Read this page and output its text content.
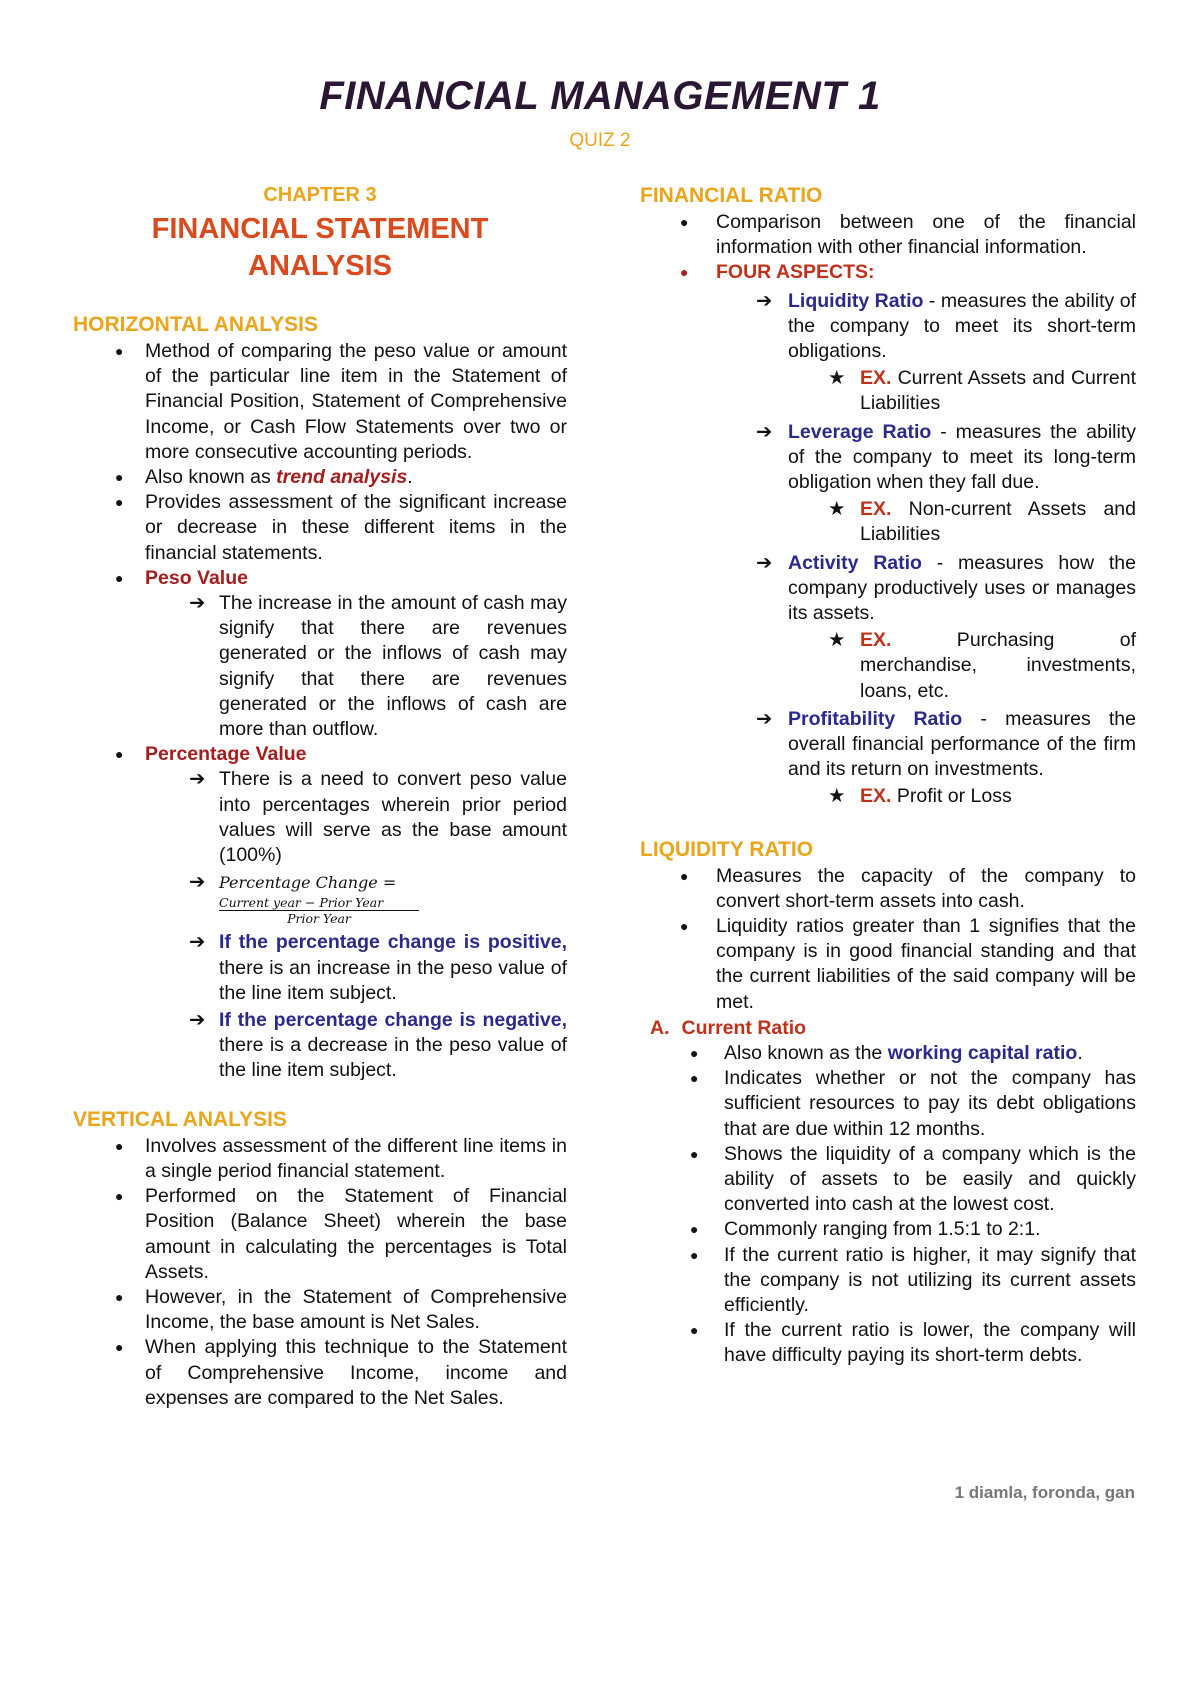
FINANCIAL MANAGEMENT 1
QUIZ 2
CHAPTER 3
FINANCIAL STATEMENT
ANALYSIS
HORIZONTAL ANALYSIS
● Method of comparing the peso value or amount of the particular line item in the Statement of Financial Position, Statement of Comprehensive Income, or Cash Flow Statements over two or more consecutive accounting periods.
● Also known as trend analysis.
● Provides assessment of the significant increase or decrease in these different items in the financial statements.
● Peso Value
➔ The increase in the amount of cash may signify that there are revenues generated or the inflows of cash may signify that there are revenues generated or the inflows of cash are more than outflow.
● Percentage Value
➔ There is a need to convert peso value into percentages wherein prior period values will serve as the base amount (100%)
➔ Percentage Change =
Current year − Prior Year
Prior Year
➔ If the percentage change is positive, there is an increase in the peso value of the line item subject.
➔ If the percentage change is negative, there is a decrease in the peso value of the line item subject.
VERTICAL ANALYSIS
● Involves assessment of the different line items in a single period financial statement.
● Performed on the Statement of Financial Position (Balance Sheet) wherein the base amount in calculating the percentages is Total Assets.
● However, in the Statement of Comprehensive Income, the base amount is Net Sales.
● When applying this technique to the Statement of Comprehensive Income, income and expenses are compared to the Net Sales.
FINANCIAL RATIO
● Comparison between one of the financial information with other financial information.
● FOUR ASPECTS:
➔ Liquidity Ratio - measures the ability of the company to meet its short-term obligations.
★ EX. Current Assets and Current Liabilities
➔ Leverage Ratio - measures the ability of the company to meet its long-term obligation when they fall due.
★ EX. Non-current Assets and Liabilities
➔ Activity Ratio - measures how the company productively uses or manages its assets.
★ EX. Purchasing of merchandise, investments, loans, etc.
➔ Profitability Ratio - measures the overall financial performance of the firm and its return on investments.
★ EX. Profit or Loss
LIQUIDITY RATIO
● Measures the capacity of the company to convert short-term assets into cash.
● Liquidity ratios greater than 1 signifies that the company is in good financial standing and that the current liabilities of the said company will be met.
A. Current Ratio
● Also known as the working capital ratio.
● Indicates whether or not the company has sufficient resources to pay its debt obligations that are due within 12 months.
● Shows the liquidity of a company which is the ability of assets to be easily and quickly converted into cash at the lowest cost.
● Commonly ranging from 1.5:1 to 2:1.
● If the current ratio is higher, it may signify that the company is not utilizing its current assets efficiently.
● If the current ratio is lower, the company will have difficulty paying its short-term debts.
1 diamla, foronda, gan
